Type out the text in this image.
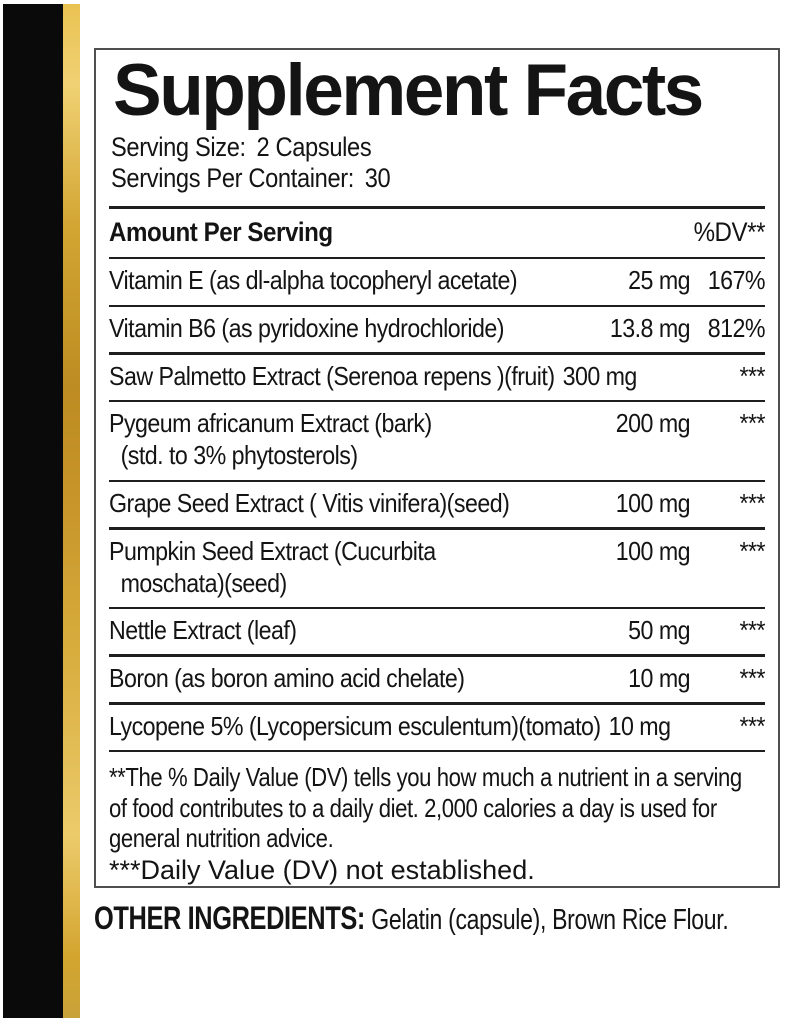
Supplement Facts
Serving Size: 2 Capsules
Servings Per Container: 30
Amount Per Serving	%DV**
Vitamin E (as dl-alpha tocopheryl acetate)	25 mg 167%
Vitamin B6 (as pyridoxine hydrochloride)	13.8 mg 812%
Saw Palmetto Extract (Serenoa repens )(fruit) 300 mg	***
Pygeum africanum Extract (bark)
(std. to 3% phytosterols)
200 mg	***
Grape Seed Extract ( Vitis vinifera)(seed)	100 mg	***
Pumpkin Seed Extract (Cucurbita
moschata)(seed)
100 mg	***
Nettle Extract (leaf)	50 mg	***
Boron (as boron amino acid chelate)	10 mg	***
Lycopene 5% (Lycopersicum esculentum)(tomato) 10 mg	***
**The % Daily Value (DV) tells you how much a nutrient in a serving of food contributes to a daily diet. 2,000 calories a day is used for general nutrition advice.
***Daily Value (DV) not established.
OTHER INGREDIENTS: Gelatin (capsule), Brown Rice Flour.
